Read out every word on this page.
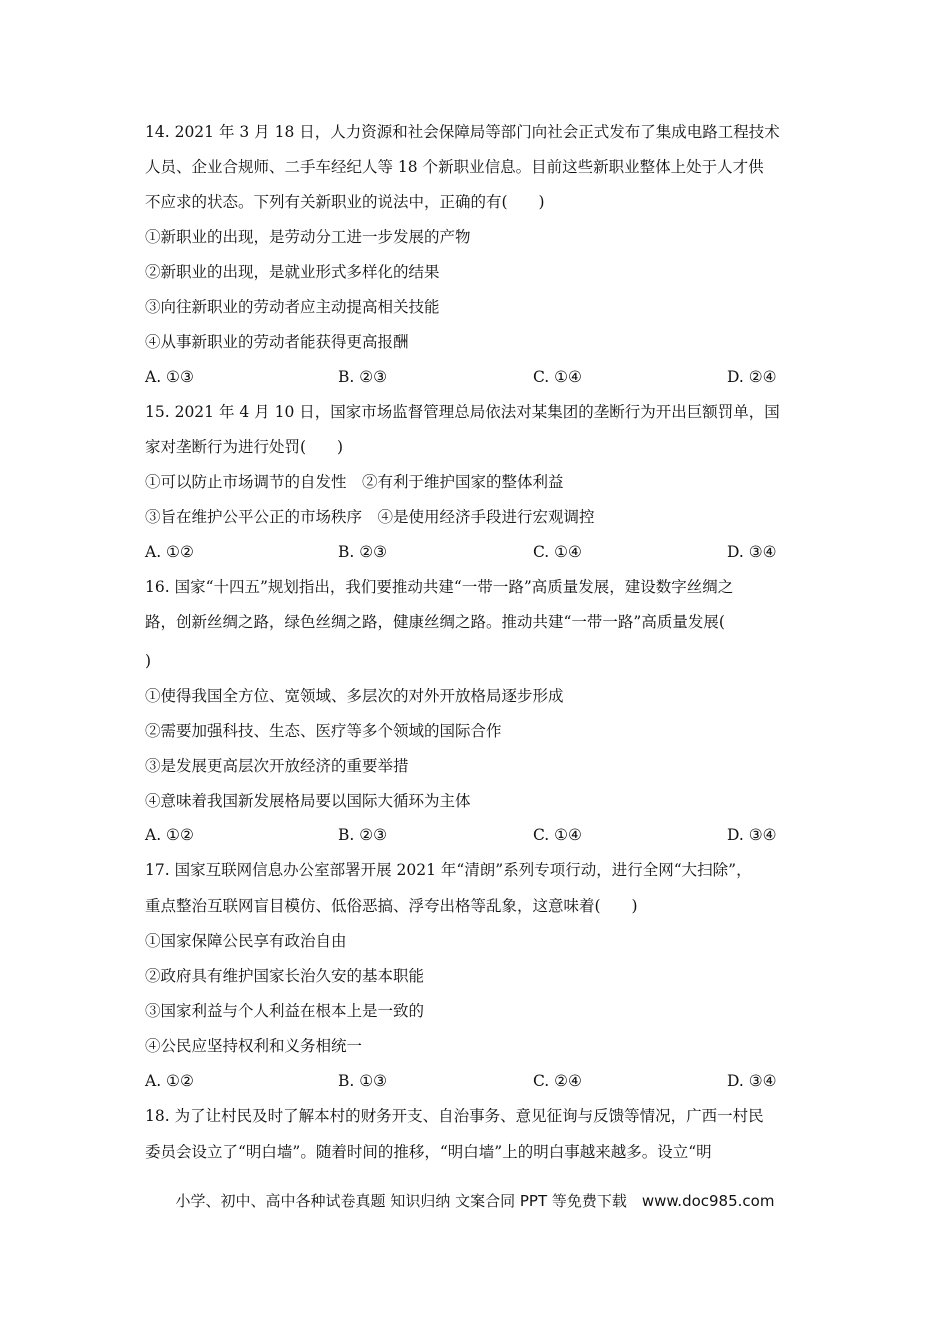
14. 2021 年 3 月 18 日，人力资源和社会保障局等部门向社会正式发布了集成电路工程技术
人员、企业合规师、二手车经纪人等 18 个新职业信息。目前这些新职业整体上处于人才供
不应求的状态。下列有关新职业的说法中，正确的有(　　)
①新职业的出现，是劳动分工进一步发展的产物
②新职业的出现，是就业形式多样化的结果
③向往新职业的劳动者应主动提高相关技能
④从事新职业的劳动者能获得更高报酬
A. ①③	B. ②③	C. ①④	D. ②④
15. 2021 年 4 月 10 日，国家市场监督管理总局依法对某集团的垄断行为开出巨额罚单，国
家对垄断行为进行处罚(　　)
①可以防止市场调节的自发性　②有利于维护国家的整体利益
③旨在维护公平公正的市场秩序　④是使用经济手段进行宏观调控
A. ①②	B. ②③	C. ①④	D. ③④
16. 国家“十四五”规划指出，我们要推动共建“一带一路”高质量发展，建设数字丝绸之
路，创新丝绸之路，绿色丝绸之路，健康丝绸之路。推动共建“一带一路”高质量发展(
)
①使得我国全方位、宽领域、多层次的对外开放格局逐步形成
②需要加强科技、生态、医疗等多个领域的国际合作
③是发展更高层次开放经济的重要举措
④意味着我国新发展格局要以国际大循环为主体
A. ①②	B. ②③	C. ①④	D. ③④
17. 国家互联网信息办公室部署开展 2021 年“清朗”系列专项行动，进行全网“大扫除”，
重点整治互联网盲目模仿、低俗恶搞、浮夸出格等乱象，这意味着(　　)
①国家保障公民享有政治自由
②政府具有维护国家长治久安的基本职能
③国家利益与个人利益在根本上是一致的
④公民应坚持权利和义务相统一
A. ①②	B. ①③	C. ②④	D. ③④
18. 为了让村民及时了解本村的财务开支、自治事务、意见征询与反馈等情况，广西一村民
委员会设立了“明白墙”。随着时间的推移，“明白墙”上的明白事越来越多。设立“明
小学、初中、高中各种试卷真题 知识归纳 文案合同 PPT 等免费下载　www.doc985.com
